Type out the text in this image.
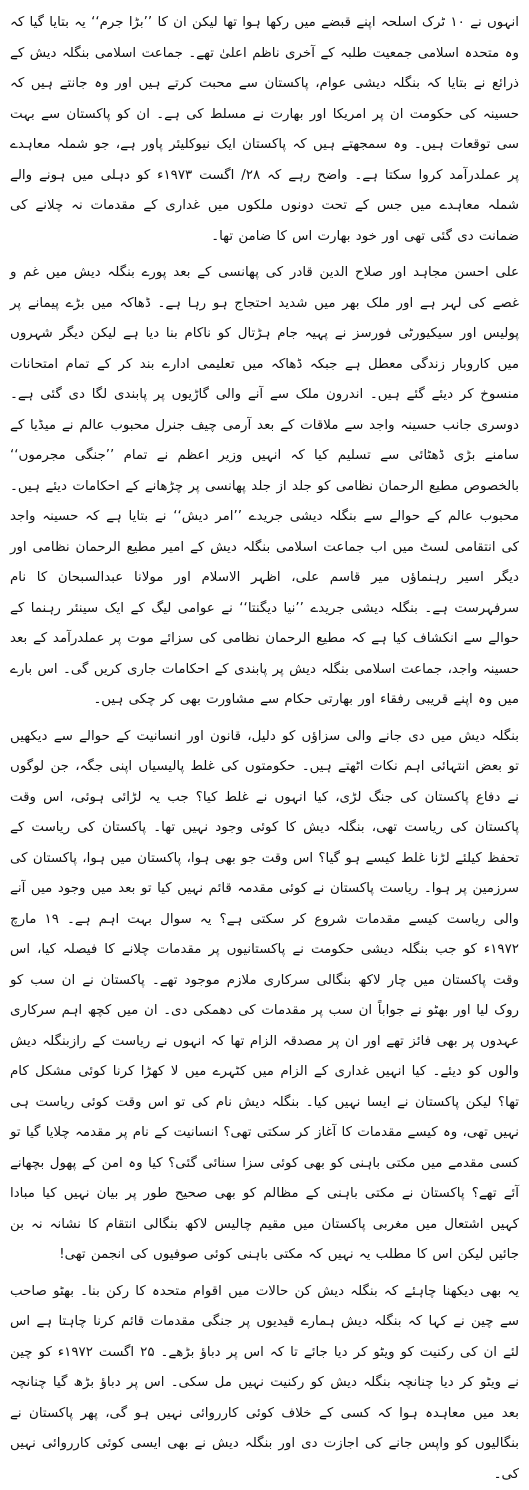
انہوں نے ۱۰ ٹرک اسلحہ اپنے قبضے میں رکھا ہوا تھا لیکن ان کا ’’بڑا جرم‘‘ یہ بتایا گیا کہ وہ متحدہ اسلامی جمعیت طلبہ کے آخری ناظم اعلیٰ تھے۔ جماعت اسلامی بنگلہ دیش کے ذرائع نے بتایا کہ بنگلہ دیشی عوام، پاکستان سے محبت کرتے ہیں اور وہ جانتے ہیں کہ حسینہ کی حکومت ان پر امریکا اور بھارت نے مسلط کی ہے۔ ان کو پاکستان سے بہت سی توقعات ہیں۔ وہ سمجھتے ہیں کہ پاکستان ایک نیوکلیئر پاور ہے، جو شملہ معاہدے پر عملدرآمد کروا سکتا ہے۔ واضح رہے کہ ۲۸/ اگست ۱۹۷۳ء کو دہلی میں ہونے والے شملہ معاہدے میں جس کے تحت دونوں ملکوں میں غداری کے مقدمات نہ چلانے کی ضمانت دی گئی تھی اور خود بھارت اس کا ضامن تھا۔

علی احسن مجاہد اور صلاح الدین قادر کی پھانسی کے بعد پورے بنگلہ دیش میں غم و غصے کی لہر ہے اور ملک بھر میں شدید احتجاج ہو رہا ہے۔ ڈھاکہ میں بڑے پیمانے پر پولیس اور سیکیورٹی فورسز نے پہیہ جام ہڑتال کو ناکام بنا دیا ہے لیکن دیگر شہروں میں کاروبار زندگی معطل ہے جبکہ ڈھاکہ میں تعلیمی ادارے بند کر کے تمام امتحانات منسوخ کر دیئے گئے ہیں۔ اندرون ملک سے آنے والی گاڑیوں پر پابندی لگا دی گئی ہے۔ دوسری جانب حسینہ واجد سے ملاقات کے بعد آرمی چیف جنرل محبوب عالم نے میڈیا کے سامنے بڑی ڈھٹائی سے تسلیم کیا کہ انہیں وزیر اعظم نے تمام ’’جنگی مجرموں‘‘ بالخصوص مطیع الرحمان نظامی کو جلد از جلد پھانسی پر چڑھانے کے احکامات دیئے ہیں۔ محبوب عالم کے حوالے سے بنگلہ دیشی جریدے ’’امر دیش‘‘ نے بتایا ہے کہ حسینہ واجد کی انتقامی لسٹ میں اب جماعت اسلامی بنگلہ دیش کے امیر مطیع الرحمان نظامی اور دیگر اسیر رہنماؤں میر قاسم علی، اظہر الاسلام اور مولانا عبدالسبحان کا نام سرفہرست ہے۔ بنگلہ دیشی جریدے ’’نیا دیگنتا‘‘ نے عوامی لیگ کے ایک سینئر رہنما کے حوالے سے انکشاف کیا ہے کہ مطیع الرحمان نظامی کی سزائے موت پر عملدرآمد کے بعد حسینہ واجد، جماعت اسلامی بنگلہ دیش پر پابندی کے احکامات جاری کریں گی۔ اس بارے میں وہ اپنے قریبی رفقاء اور بھارتی حکام سے مشاورت بھی کر چکی ہیں۔

بنگلہ دیش میں دی جانے والی سزاؤں کو دلیل، قانون اور انسانیت کے حوالے سے دیکھیں تو بعض انتہائی اہم نکات اٹھتے ہیں۔ حکومتوں کی غلط پالیسیاں اپنی جگہ، جن لوگوں نے دفاع پاکستان کی جنگ لڑی، کیا انہوں نے غلط کیا؟ جب یہ لڑائی ہوئی، اس وقت پاکستان کی ریاست تھی، بنگلہ دیش کا کوئی وجود نہیں تھا۔ پاکستان کی ریاست کے تحفظ کیلئے لڑنا غلط کیسے ہو گیا؟ اس وقت جو بھی ہوا، پاکستان میں ہوا، پاکستان کی سرزمین پر ہوا۔ ریاست پاکستان نے کوئی مقدمہ قائم نہیں کیا تو بعد میں وجود میں آنے والی ریاست کیسے مقدمات شروع کر سکتی ہے؟ یہ سوال بہت اہم ہے۔ ۱۹ مارچ ۱۹۷۲ء کو جب بنگلہ دیشی حکومت نے پاکستانیوں پر مقدمات چلانے کا فیصلہ کیا، اس وقت پاکستان میں چار لاکھ بنگالی سرکاری ملازم موجود تھے۔ پاکستان نے ان سب کو روک لیا اور بھٹو نے جواباً ان سب پر مقدمات کی دھمکی دی۔ ان میں کچھ اہم سرکاری عہدوں پر بھی فائز تھے اور ان پر مصدقہ الزام تھا کہ انہوں نے ریاست کے رازبنگلہ دیش والوں کو دیئے۔ کیا انہیں غداری کے الزام میں کٹہرے میں لا کھڑا کرنا کوئی مشکل کام تھا؟ لیکن پاکستان نے ایسا نہیں کیا۔ بنگلہ دیش نام کی تو اس وقت کوئی ریاست ہی نہیں تھی، وہ کیسے مقدمات کا آغاز کر سکتی تھی؟ انسانیت کے نام پر مقدمہ چلایا گیا تو کسی مقدمے میں مکتی باہنی کو بھی کوئی سزا سنائی گئی؟ کیا وہ امن کے پھول بچھانے آئے تھے؟ پاکستان نے مکتی باہنی کے مظالم کو بھی صحیح طور پر بیان نہیں کیا مبادا کہیں اشتعال میں مغربی پاکستان میں مقیم چالیس لاکھ بنگالی انتقام کا نشانہ نہ بن جائیں لیکن اس کا مطلب یہ نہیں کہ مکتی باہنی کوئی صوفیوں کی انجمن تھی!

یہ بھی دیکھنا چاہئے کہ بنگلہ دیش کن حالات میں اقوام متحدہ کا رکن بنا۔ بھٹو صاحب سے چین نے کہا کہ بنگلہ دیش ہمارے قیدیوں پر جنگی مقدمات قائم کرنا چاہتا ہے اس لئے ان کی رکنیت کو ویٹو کر دیا جائے تا کہ اس پر دباؤ بڑھے۔ ۲۵ اگست ۱۹۷۲ء کو چین نے ویٹو کر دیا چنانچہ بنگلہ دیش کو رکنیت نہیں مل سکی۔ اس پر دباؤ بڑھ گیا چنانچہ بعد میں معاہدہ ہوا کہ کسی کے خلاف کوئی کارروائی نہیں ہو گی، پھر پاکستان نے بنگالیوں کو واپس جانے کی اجازت دی اور بنگلہ دیش نے بھی ایسی کوئی کارروائی نہیں کی۔
